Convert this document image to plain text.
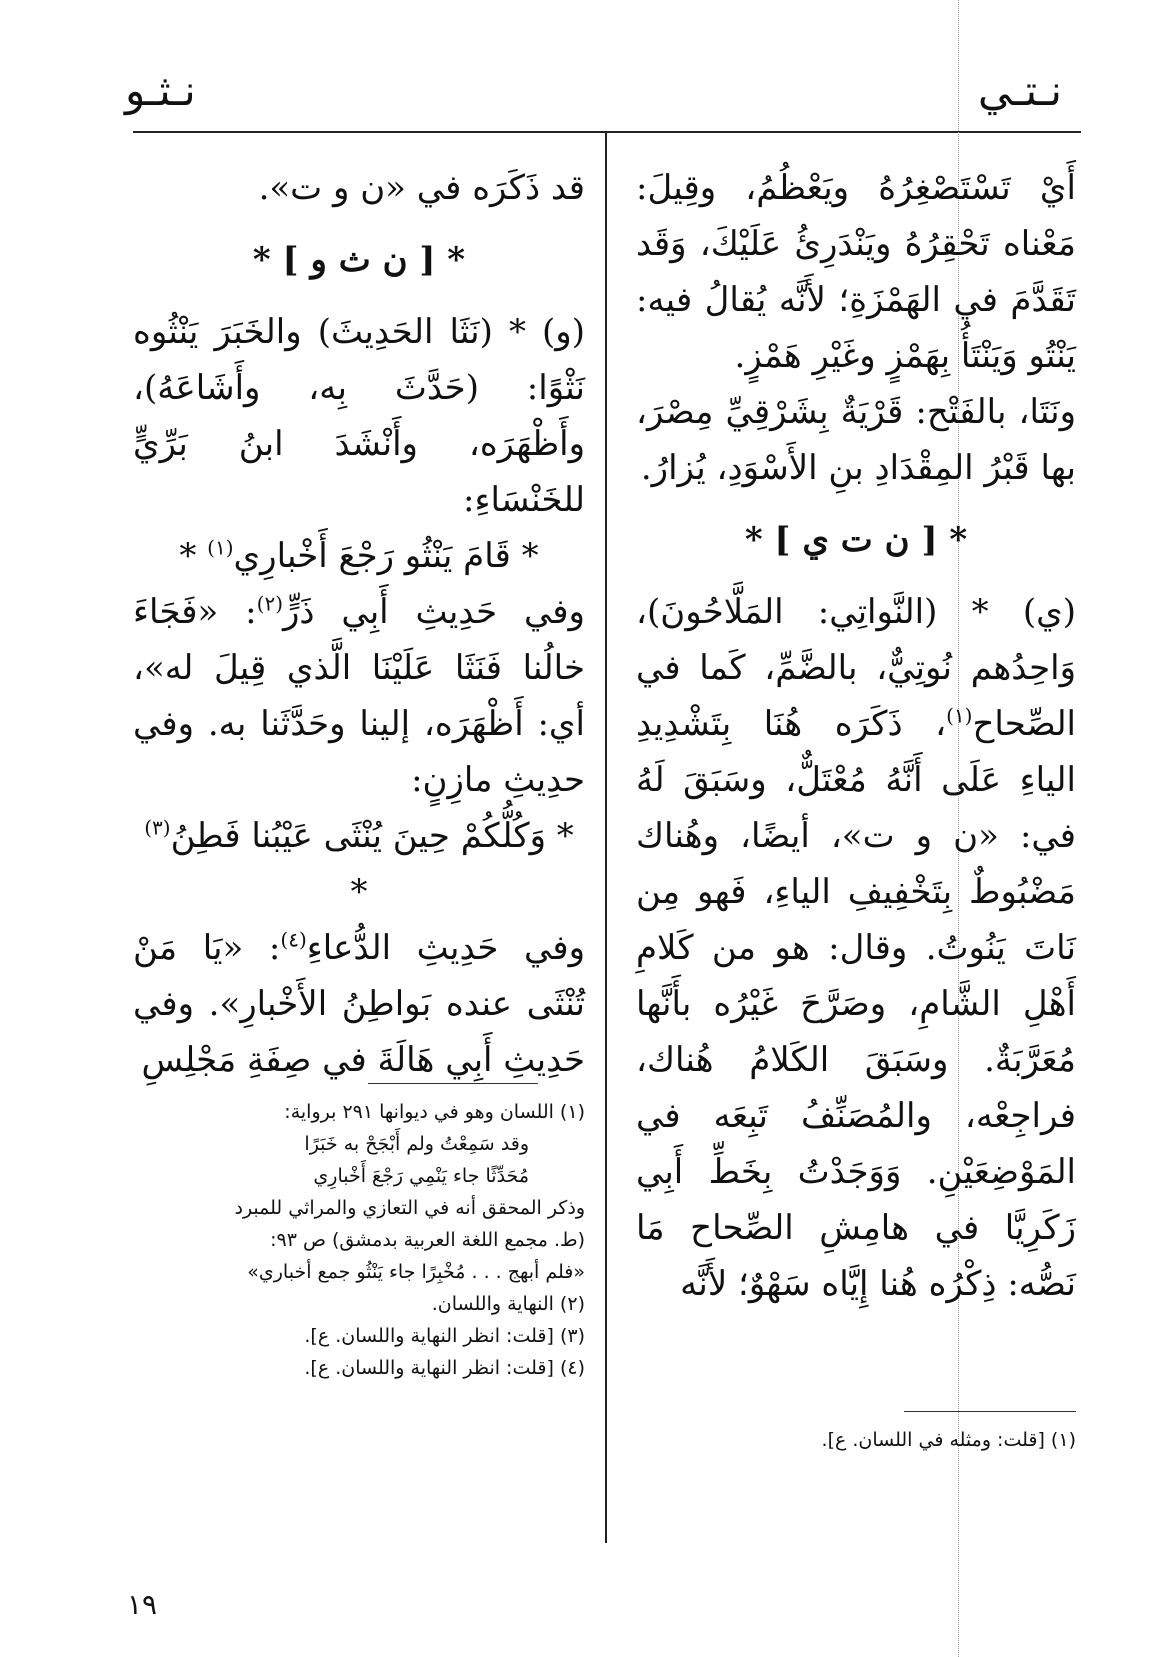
نـتـي
نـثـو

أَيْ تَسْتَصْغِرُهُ ويَعْظُمُ، وقِيلَ: مَعْناه تَحْقِرُهُ ويَنْدَرِئُ عَلَيْكَ، وَقَد تَقَدَّمَ في الهَمْزَةِ؛ لأَنَّه يُقالُ فيه: يَنْتُو وَيَنْتَأُ بِهَمْزٍ وغَيْرِ هَمْزٍ.

ونَتَا، بالفَتْح: قَرْيَةٌ بِشَرْقِيِّ مِصْرَ، بها قَبْرُ المِقْدَادِ بنِ الأَسْوَدِ، يُزارُ.

* [ ن ت ي ] *

(ي) * (النَّواتِي: المَلَّاحُونَ)، وَاحِدُهم نُوتِيٌّ، بالضَّمِّ، كَما في الصِّحاح$^{(١)}$، ذَكَرَه هُنَا بِتَشْدِيدِ الياءِ عَلَى أَنَّهُ مُعْتَلٌّ، وسَبَقَ لَهُ في: «ن و ت»، أيضًا، وهُناك مَضْبُوطٌ بِتَخْفِيفِ الياءِ، فَهو مِن نَاتَ يَنُوتُ. وقال: هو من كَلامِ أَهْلِ الشَّامِ، وصَرَّحَ غَيْرُه بأَنَّها مُعَرَّبَةٌ. وسَبَقَ الكَلامُ هُناك، فراجِعْه، والمُصَنِّفُ تَبِعَه في المَوْضِعَيْنِ. وَوَجَدْتُ بِخَطِّ أَبِي زَكَرِيَّا في هامِشِ الصِّحاح مَا نَصُّه: ذِكْرُه هُنا إِيَّاه سَهْوٌ؛ لأَنَّه

(١) [قلت: ومثله في اللسان. ع].

قد ذَكَرَه في «ن و ت».

* [ ن ث و ] *

(و) * (نَثَا الحَدِيثَ) والخَبَرَ يَنْثُوه نَثْوًا: (حَدَّثَ بِه، وأَشَاعَهُ)، وأَظْهَرَه، وأَنْشَدَ ابنُ بَرِّيٍّ للخَنْسَاءِ:

* قَامَ يَنْثُو رَجْعَ أَخْبارِي$^{(١)}$ *

وفي حَدِيثِ أَبِي ذَرٍّ$^{(٢)}$: «فَجَاءَ خالُنا فَنَثَا عَلَيْنَا الَّذي قِيلَ له»، أي: أَظْهَرَه، إلينا وحَدَّثَنا به. وفي حدِيثِ مازِنٍ:

* وَكُلُّكُمْ حِينَ يُنْثَى عَيْبُنا فَطِنُ$^{(٣)}$ *

وفي حَدِيثِ الدُّعاءِ$^{(٤)}$: «يَا مَنْ تُنْثَى عنده بَواطِنُ الأَخْبارِ». وفي حَدِيثِ أَبِي هَالَةَ في صِفَةِ مَجْلِسِ

(١) اللسان وهو في ديوانها ٢٩١ برواية:

وقد سَمِعْتُ ولم أَبْجَحْ به خَبَرًا

مُحَدِّثًا جاء يَنْمِي رَجْعَ أَخْبارِي

وذكر المحقق أنه في التعازي والمراثي للمبرد

(ط. مجمع اللغة العربية بدمشق) ص ٩٣:

«فلم أبهج . . . مُخْبِرًا جاء يَنْثُو جمع أخباري»

(٢) النهاية واللسان.

(٣) [قلت: انظر النهاية واللسان. ع].

(٤) [قلت: انظر النهاية واللسان. ع].

١٩
